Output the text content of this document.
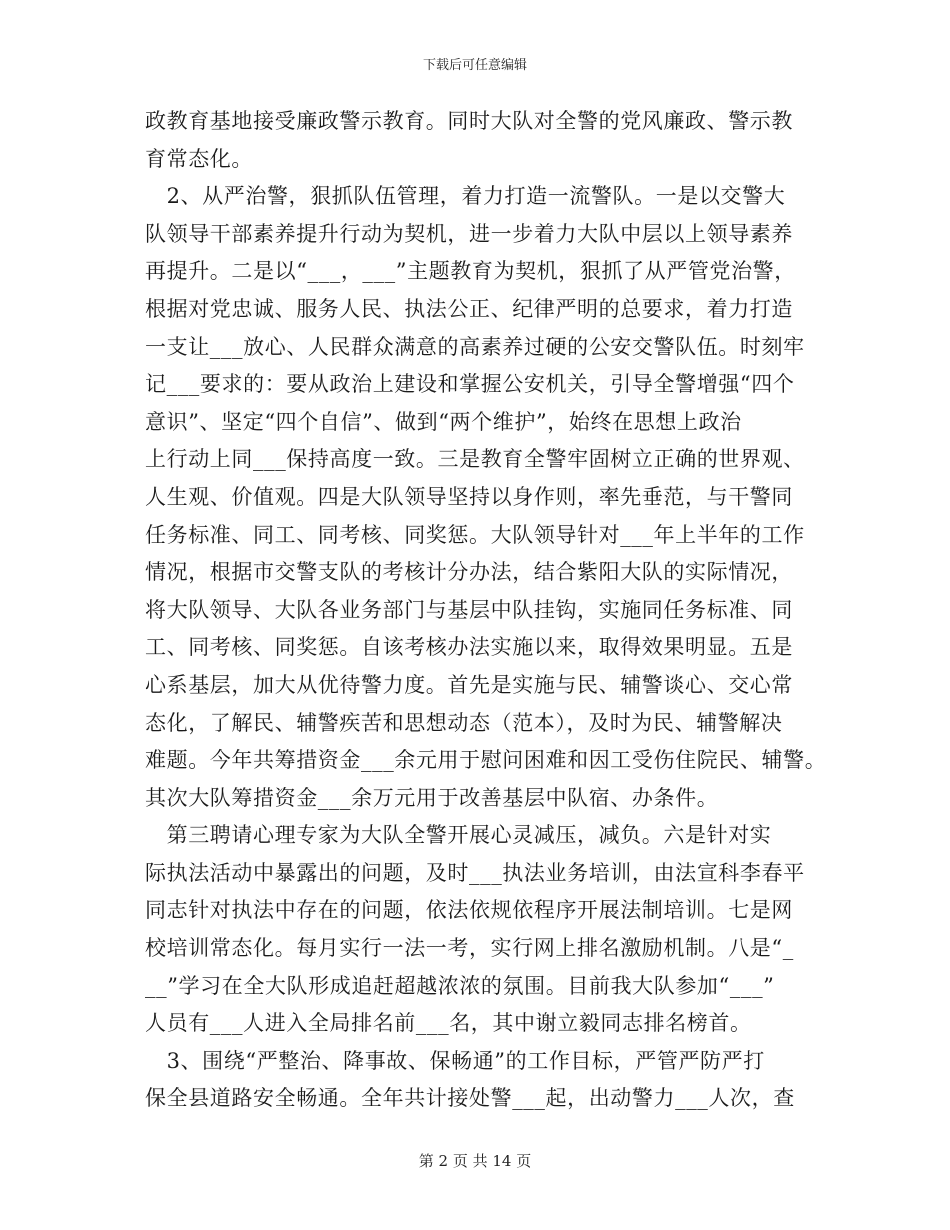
下载后可任意编辑
政教育基地接受廉政警示教育。同时大队对全警的党风廉政、警示教
育常态化。
　2、从严治警，狠抓队伍管理，着力打造一流警队。一是以交警大
队领导干部素养提升行动为契机，进一步着力大队中层以上领导素养
再提升。二是以“___，___”主题教育为契机，狠抓了从严管党治警，
根据对党忠诚、服务人民、执法公正、纪律严明的总要求，着力打造
一支让___放心、人民群众满意的高素养过硬的公安交警队伍。时刻牢
记___要求的：要从政治上建设和掌握公安机关，引导全警增强“四个
意识”、坚定“四个自信”、做到“两个维护”，始终在思想上政治
上行动上同___保持高度一致。三是教育全警牢固树立正确的世界观、
人生观、价值观。四是大队领导坚持以身作则，率先垂范，与干警同
任务标准、同工、同考核、同奖惩。大队领导针对___年上半年的工作
情况，根据市交警支队的考核计分办法，结合紫阳大队的实际情况，
将大队领导、大队各业务部门与基层中队挂钩，实施同任务标准、同
工、同考核、同奖惩。自该考核办法实施以来，取得效果明显。五是
心系基层，加大从优待警力度。首先是实施与民、辅警谈心、交心常
态化，了解民、辅警疾苦和思想动态（范本），及时为民、辅警解决
难题。今年共筹措资金___余元用于慰问困难和因工受伤住院民、辅警。
其次大队筹措资金___余万元用于改善基层中队宿、办条件。
　第三聘请心理专家为大队全警开展心灵减压，减负。六是针对实
际执法活动中暴露出的问题，及时___执法业务培训，由法宣科李春平
同志针对执法中存在的问题，依法依规依程序开展法制培训。七是网
校培训常态化。每月实行一法一考，实行网上排名激励机制。八是“_
__”学习在全大队形成追赶超越浓浓的氛围。目前我大队参加“___”
人员有___人进入全局排名前___名，其中谢立毅同志排名榜首。
　3、围绕“严整治、降事故、保畅通”的工作目标，严管严防严打
保全县道路安全畅通。全年共计接处警___起，出动警力___人次，查
第 2 页 共 14 页
